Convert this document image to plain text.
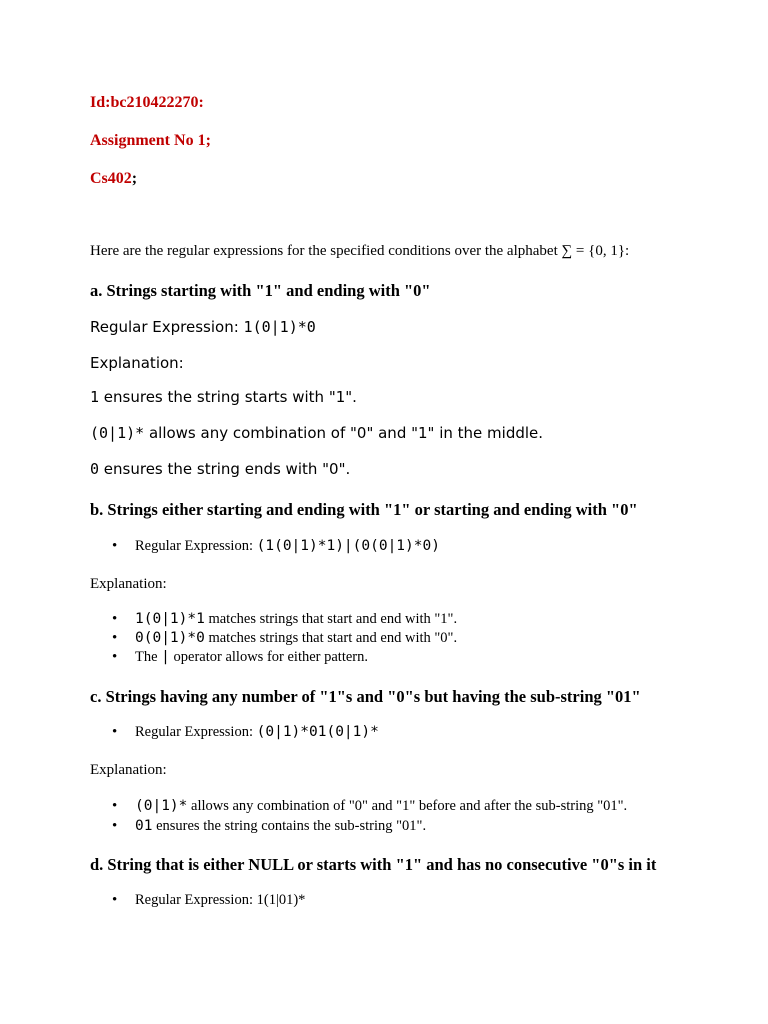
Id:bc210422270:
Assignment No 1;
Cs402;
Here are the regular expressions for the specified conditions over the alphabet ∑ = {0, 1}:
a. Strings starting with "1" and ending with "0"
Regular Expression: 1(0|1)*0
Explanation:
1 ensures the string starts with "1".
(0|1)* allows any combination of "0" and "1" in the middle.
0 ensures the string ends with "0".
b. Strings either starting and ending with "1" or starting and ending with "0"
• Regular Expression: (1(0|1)*1)|(0(0|1)*0)
Explanation:
• 1(0|1)*1 matches strings that start and end with "1".
• 0(0|1)*0 matches strings that start and end with "0".
• The | operator allows for either pattern.
c. Strings having any number of "1"s and "0"s but having the sub-string "01"
• Regular Expression: (0|1)*01(0|1)*
Explanation:
• (0|1)* allows any combination of "0" and "1" before and after the sub-string "01".
• 01 ensures the string contains the sub-string "01".
d. String that is either NULL or starts with "1" and has no consecutive "0"s in it
• Regular Expression: 1(1|01)*
